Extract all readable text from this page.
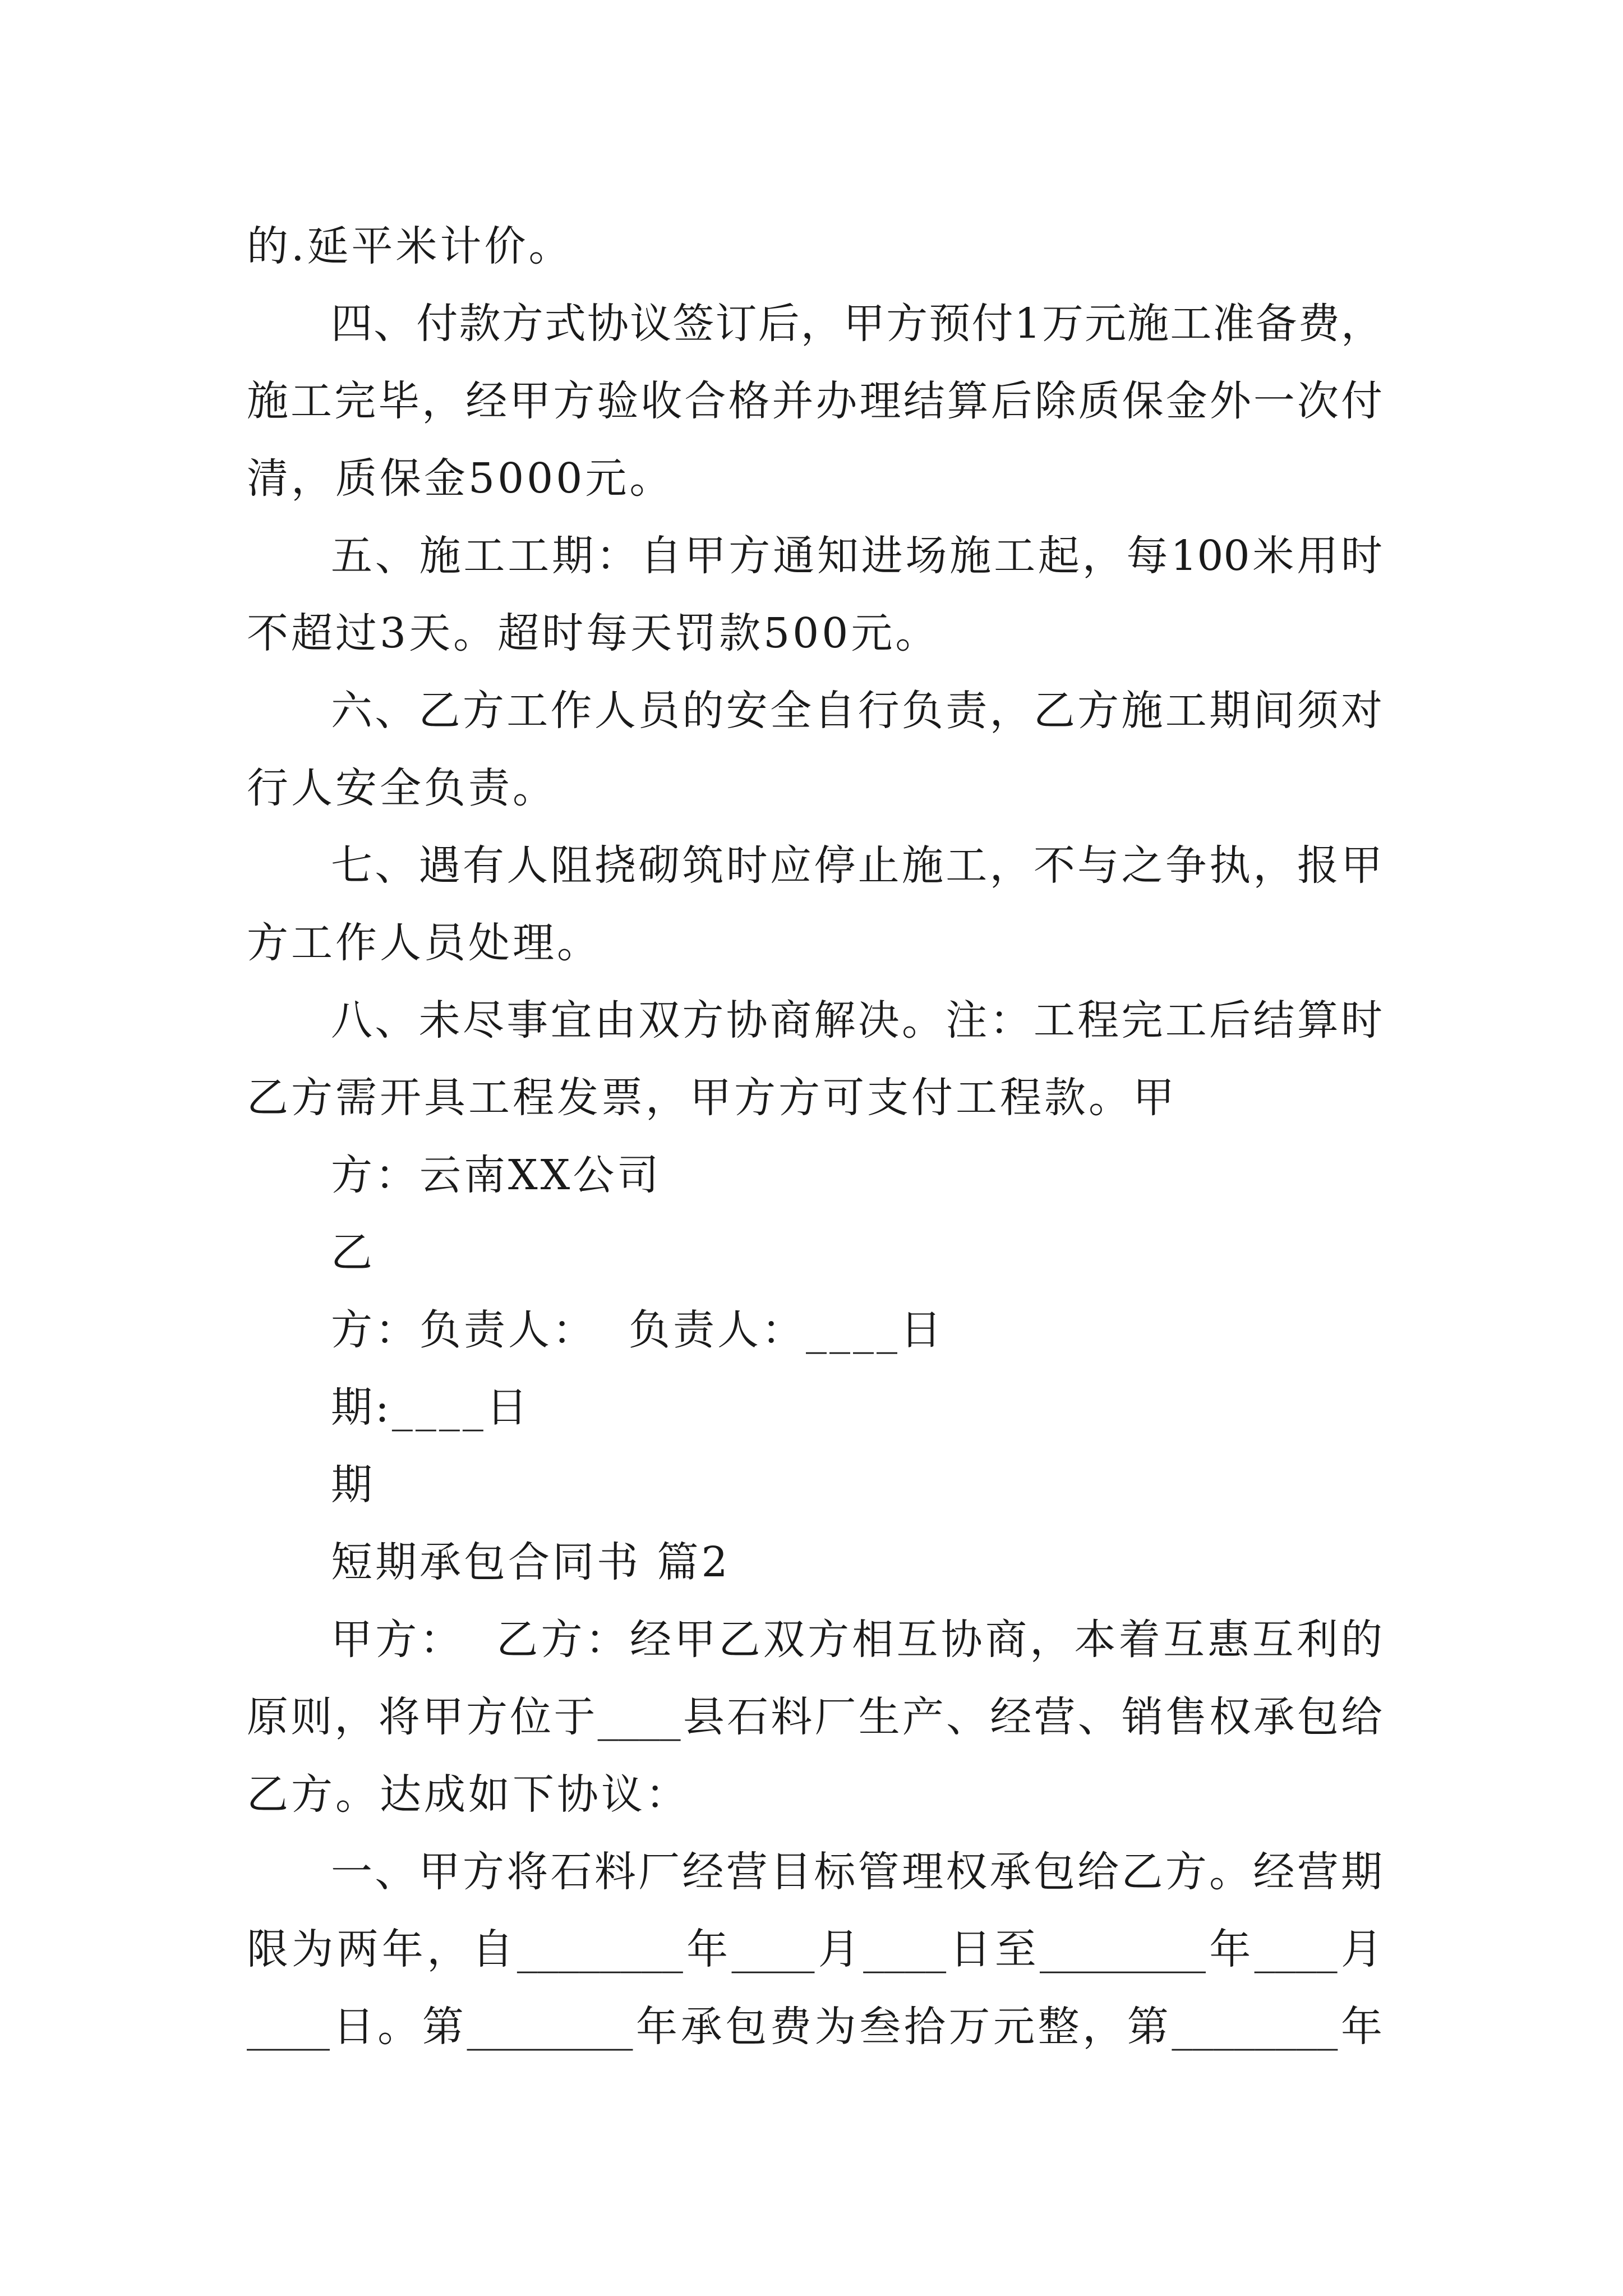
的.延平米计价。
四、付款方式协议签订后，甲方预付1万元施工准备费，
施工完毕，经甲方验收合格并办理结算后除质保金外一次付
清，质保金5000元。
五、施工工期：自甲方通知进场施工起，每100米用时
不超过3天。超时每天罚款500元。
六、乙方工作人员的安全自行负责，乙方施工期间须对
行人安全负责。
七、遇有人阻挠砌筑时应停止施工，不与之争执，报甲
方工作人员处理。
八、未尽事宜由双方协商解决。注：工程完工后结算时
乙方需开具工程发票，甲方方可支付工程款。甲
方：云南XX公司
乙
方：负责人：  负责人：____日
期:____日
期
短期承包合同书 篇2
甲方：  乙方：经甲乙双方相互协商，本着互惠互利的
原则，将甲方位于____县石料厂生产、经营、销售权承包给
乙方。达成如下协议：
一、甲方将石料厂经营目标管理权承包给乙方。经营期
限为两年，自________年____月____日至________年____月
____日。第________年承包费为叁拾万元整，第________年
